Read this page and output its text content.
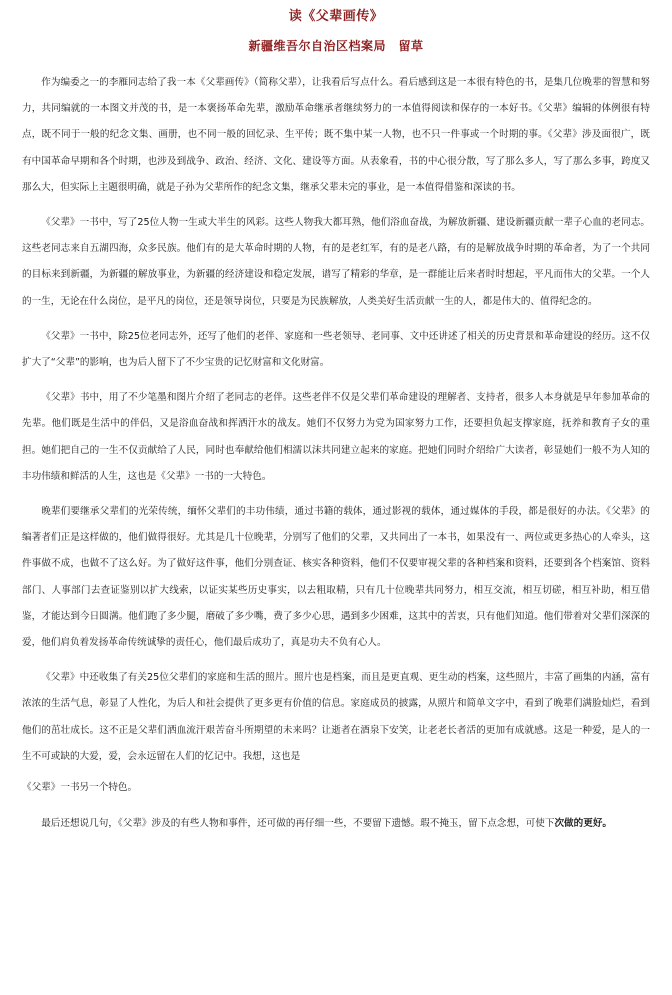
读《父辈画传》
新疆维吾尔自治区档案局　留草

作为编委之一的李雁同志给了我一本《父辈画传》（简称父辈），让我看后写点什么。看后感到这是一本很有特色的书，是集几位晚辈的智慧和努力，共同编就的一本图文并茂的书，是一本褒扬革命先辈，激励革命继承者继续努力的一本值得阅读和保存的一本好书。《父辈》编辑的体例很有特点，既不同于一般的纪念文集、画册，也不同一般的回忆录、生平传；既不集中某一人物，也不只一件事或一个时期的事。《父辈》涉及面很广，既有中国革命早期和各个时期，也涉及到战争、政治、经济、文化、建设等方面。从表象看，书的中心很分散，写了那么多人，写了那么多事，跨度又那么大，但实际上主题很明确，就是子孙为父辈所作的纪念文集，继承父辈未完的事业，是一本值得借鉴和深读的书。

《父辈》一书中，写了25位人物一生或大半生的风彩。这些人物我大都耳熟，他们浴血奋战，为解放新疆、建设新疆贡献一辈子心血的老同志。这些老同志来自五湖四海，众多民族。他们有的是大革命时期的人物，有的是老红军，有的是老八路，有的是解放战争时期的革命者，为了一个共同的目标来到新疆，为新疆的解放事业，为新疆的经济建设和稳定发展，谱写了精彩的华章，是一群能让后来者时时想起，平凡而伟大的父辈。一个人的一生，无论在什么岗位，是平凡的岗位，还是领导岗位，只要是为民族解放，人类美好生活贡献一生的人，都是伟大的、值得纪念的。

《父辈》一书中，除25位老同志外，还写了他们的老伴、家庭和一些老领导、老同事、文中还讲述了相关的历史背景和革命建设的经历。这不仅扩大了“父辈”的影响，也为后人留下了不少宝贵的记忆财富和文化财富。

《父辈》书中，用了不少笔墨和图片介绍了老同志的老伴。这些老伴不仅是父辈们革命建设的理解者、支持者，很多人本身就是早年参加革命的先辈。他们既是生活中的伴侣，又是浴血奋战和挥洒汗水的战友。她们不仅努力为党为国家努力工作，还要担负起支撑家庭，抚养和教育子女的重担。她们把自己的一生不仅贡献给了人民，同时也奉献给他们相濡以沫共同建立起来的家庭。把她们同时介绍给广大读者，彰显她们一般不为人知的丰功伟绩和鲜活的人生，这也是《父辈》一书的一大特色。

晚辈们要继承父辈们的光荣传统，缅怀父辈们的丰功伟绩，通过书籍的载体，通过影视的载体，通过媒体的手段，都是很好的办法。《父辈》的编著者们正是这样做的，他们做得很好。尤其是几十位晚辈，分别写了他们的父辈，又共同出了一本书，如果没有一、两位或更多热心的人牵头，这件事做不成，也做不了这么好。为了做好这件事，他们分别查证、核实各种资料，他们不仅要审视父辈的各种档案和资料，还要到各个档案馆、资料部门、人事部门去查证鉴别以扩大线索，以证实某些历史事实，以去粗取精，只有几十位晚辈共同努力，相互交流，相互切磋，相互补助，相互借鉴，才能达到今日圆满。他们跑了多少腿，磨破了多少嘴，费了多少心思，遇到多少困难，这其中的苦衷，只有他们知道。他们带着对父辈们深深的爱，他们肩负着发扬革命传统诚挚的责任心，他们最后成功了，真是功夫不负有心人。

《父辈》中还收集了有关25位父辈们的家庭和生活的照片。照片也是档案，而且是更直观、更生动的档案，这些照片，丰富了画集的内涵，富有浓浓的生活气息，彰显了人性化，为后人和社会提供了更多更有价值的信息。家庭成员的披露，从照片和简单文字中，看到了晚辈们满脸灿烂，看到他们的茁壮成长。这不正是父辈们洒血流汗艰苦奋斗所期望的未来吗？让逝者在酒泉下安笑，让老老长者活的更加有成就感。这是一种爱，是人的一生不可或缺的大爱，爱，会永远留在人们的忆记中。我想，这也是

《父辈》一书另一个特色。

最后还想说几句，《父辈》涉及的有些人物和事件，还可做的再仔细一些，不要留下遗憾。瑕不掩玉，留下点念想，可使下次做的更好。
